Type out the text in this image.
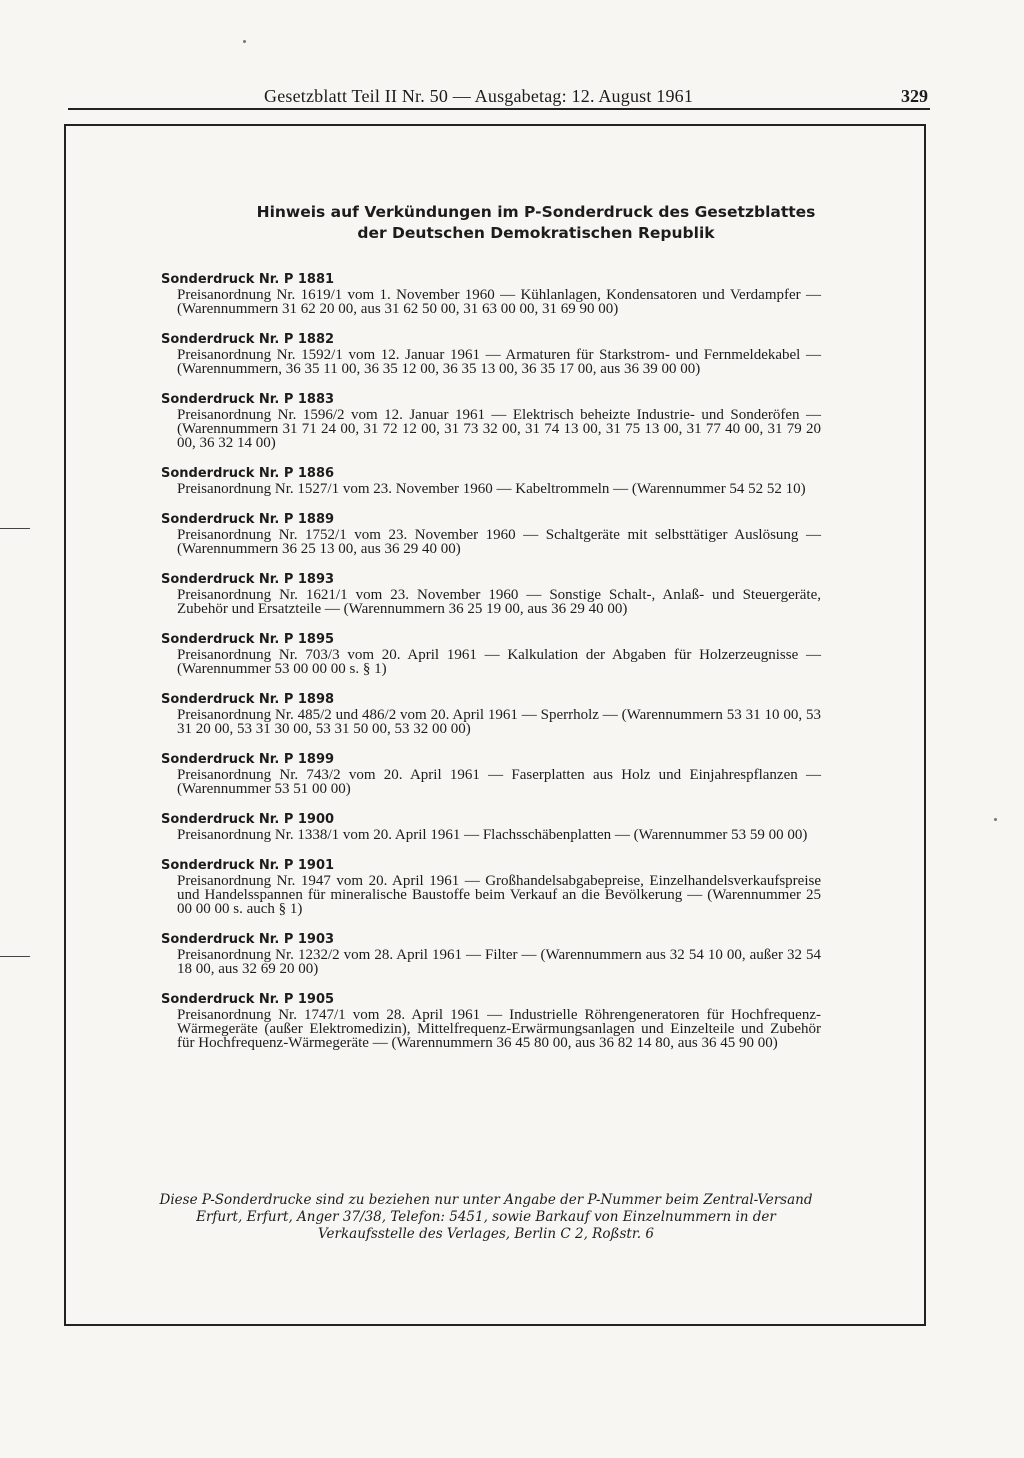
Gesetzblatt Teil II Nr. 50 — Ausgabetag: 12. August 1961	329
Hinweis auf Verkündungen im P-Sonderdruck des Gesetzblattes
der Deutschen Demokratischen Republik
Sonderdruck Nr. P 1881
Preisanordnung Nr. 1619/1 vom 1. November 1960 — Kühlanlagen, Kondensatoren und Verdampfer — (Warennummern 31 62 20 00, aus 31 62 50 00, 31 63 00 00, 31 69 90 00)
Sonderdruck Nr. P 1882
Preisanordnung Nr. 1592/1 vom 12. Januar 1961 — Armaturen für Starkstrom- und Fernmeldekabel — (Warennummern, 36 35 11 00, 36 35 12 00, 36 35 13 00, 36 35 17 00, aus 36 39 00 00)
Sonderdruck Nr. P 1883
Preisanordnung Nr. 1596/2 vom 12. Januar 1961 — Elektrisch beheizte Industrie- und Sonderöfen — (Warennummern 31 71 24 00, 31 72 12 00, 31 73 32 00, 31 74 13 00, 31 75 13 00, 31 77 40 00, 31 79 20 00, 36 32 14 00)
Sonderdruck Nr. P 1886
Preisanordnung Nr. 1527/1 vom 23. November 1960 — Kabeltrommeln — (Warennummer 54 52 52 10)
Sonderdruck Nr. P 1889
Preisanordnung Nr. 1752/1 vom 23. November 1960 — Schaltgeräte mit selbsttätiger Auslösung — (Warennummern 36 25 13 00, aus 36 29 40 00)
Sonderdruck Nr. P 1893
Preisanordnung Nr. 1621/1 vom 23. November 1960 — Sonstige Schalt-, Anlaß- und Steuergeräte, Zubehör und Ersatzteile — (Warennummern 36 25 19 00, aus 36 29 40 00)
Sonderdruck Nr. P 1895
Preisanordnung Nr. 703/3 vom 20. April 1961 — Kalkulation der Abgaben für Holzerzeugnisse — (Warennummer 53 00 00 00 s. § 1)
Sonderdruck Nr. P 1898
Preisanordnung Nr. 485/2 und 486/2 vom 20. April 1961 — Sperrholz — (Warennummern 53 31 10 00, 53 31 20 00, 53 31 30 00, 53 31 50 00, 53 32 00 00)
Sonderdruck Nr. P 1899
Preisanordnung Nr. 743/2 vom 20. April 1961 — Faserplatten aus Holz und Einjahrespflanzen — (Warennummer 53 51 00 00)
Sonderdruck Nr. P 1900
Preisanordnung Nr. 1338/1 vom 20. April 1961 — Flachsschäbenplatten — (Warennummer 53 59 00 00)
Sonderdruck Nr. P 1901
Preisanordnung Nr. 1947 vom 20. April 1961 — Großhandelsabgabepreise, Einzelhandelsverkaufspreise und Handelsspannen für mineralische Baustoffe beim Verkauf an die Bevölkerung — (Warennummer 25 00 00 00 s. auch § 1)
Sonderdruck Nr. P 1903
Preisanordnung Nr. 1232/2 vom 28. April 1961 — Filter — (Warennummern aus 32 54 10 00, außer 32 54 18 00, aus 32 69 20 00)
Sonderdruck Nr. P 1905
Preisanordnung Nr. 1747/1 vom 28. April 1961 — Industrielle Röhrengeneratoren für Hochfrequenz-Wärmegeräte (außer Elektromedizin), Mittelfrequenz-Erwärmungsanlagen und Einzelteile und Zubehör für Hochfrequenz-Wärmegeräte — (Warennummern 36 45 80 00, aus 36 82 14 80, aus 36 45 90 00)
Diese P-Sonderdrucke sind zu beziehen nur unter Angabe der P-Nummer beim Zentral-Versand Erfurt, Erfurt, Anger 37/38, Telefon: 5451, sowie Barkauf von Einzelnummern in der Verkaufsstelle des Verlages, Berlin C 2, Roßstr. 6
